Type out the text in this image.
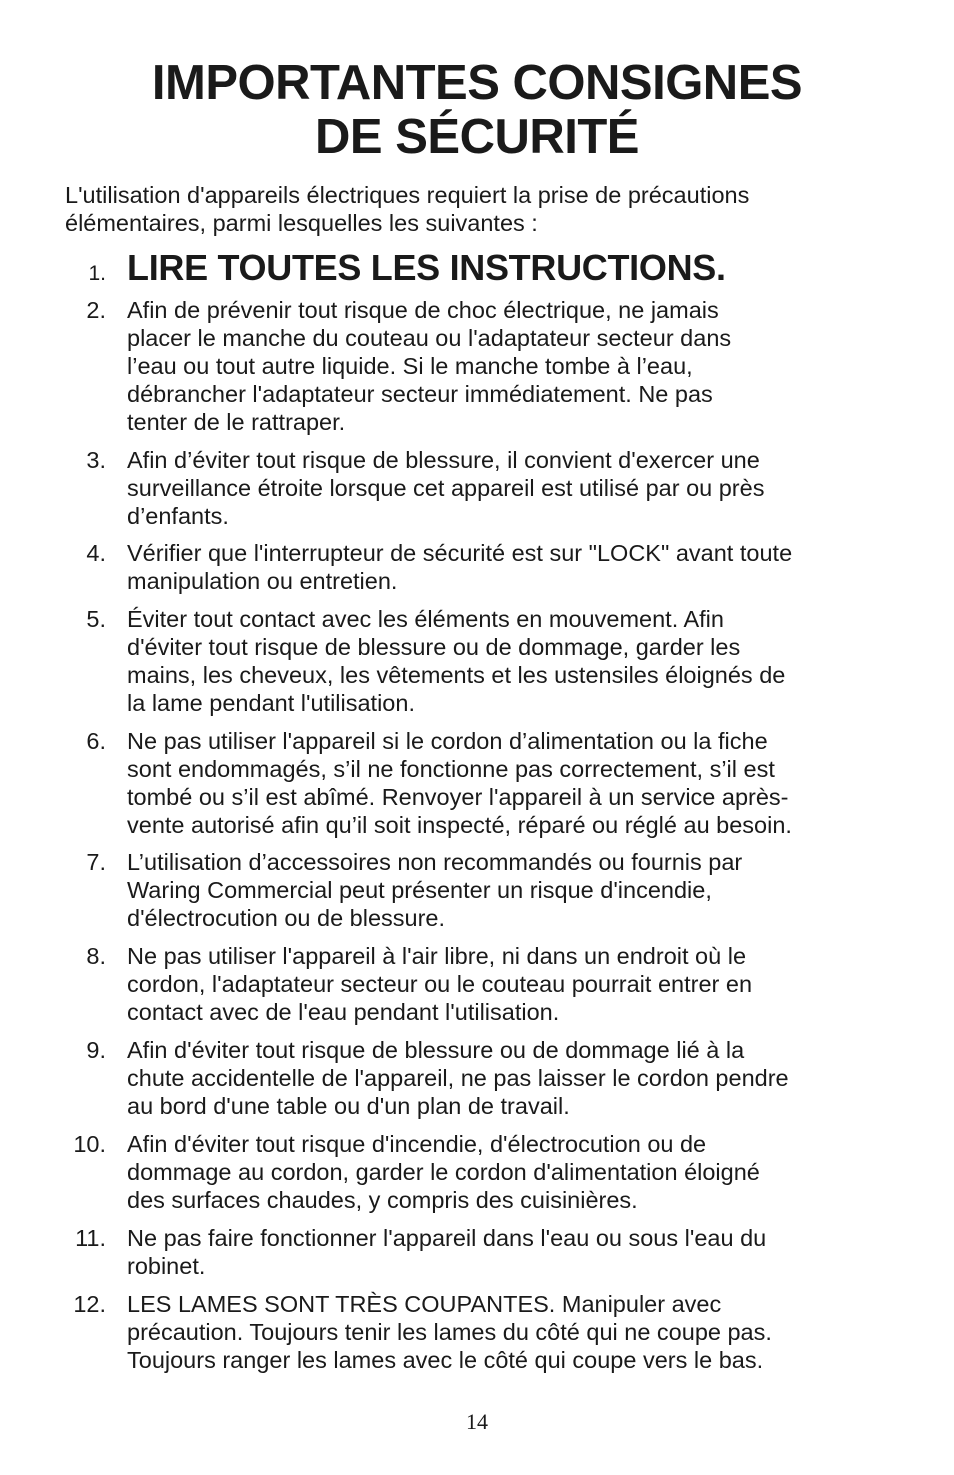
IMPORTANTES CONSIGNES
DE SÉCURITÉ

L'utilisation d'appareils électriques requiert la prise de précautions
élémentaires, parmi lesquelles les suivantes :

1. LIRE TOUTES LES INSTRUCTIONS.
2. Afin de prévenir tout risque de choc électrique, ne jamais
placer le manche du couteau ou l'adaptateur secteur dans
l’eau ou tout autre liquide. Si le manche tombe à l’eau,
débrancher l'adaptateur secteur immédiatement. Ne pas
tenter de le rattraper.
3. Afin d’éviter tout risque de blessure, il convient d'exercer une
surveillance étroite lorsque cet appareil est utilisé par ou près
d’enfants.
4. Vérifier que l'interrupteur de sécurité est sur "LOCK" avant toute
manipulation ou entretien.
5. Éviter tout contact avec les éléments en mouvement. Afin
d'éviter tout risque de blessure ou de dommage, garder les
mains, les cheveux, les vêtements et les ustensiles éloignés de
la lame pendant l'utilisation.
6. Ne pas utiliser l'appareil si le cordon d’alimentation ou la fiche
sont endommagés, s’il ne fonctionne pas correctement, s’il est
tombé ou s’il est abîmé. Renvoyer l'appareil à un service après-
vente autorisé afin qu’il soit inspecté, réparé ou réglé au besoin.
7. L’utilisation d’accessoires non recommandés ou fournis par
Waring Commercial peut présenter un risque d'incendie,
d'électrocution ou de blessure.
8. Ne pas utiliser l'appareil à l'air libre, ni dans un endroit où le
cordon, l'adaptateur secteur ou le couteau pourrait entrer en
contact avec de l'eau pendant l'utilisation.
9. Afin d'éviter tout risque de blessure ou de dommage lié à la
chute accidentelle de l'appareil, ne pas laisser le cordon pendre
au bord d'une table ou d'un plan de travail.
10. Afin d'éviter tout risque d'incendie, d'électrocution ou de
dommage au cordon, garder le cordon d'alimentation éloigné
des surfaces chaudes, y compris des cuisinières.
11. Ne pas faire fonctionner l'appareil dans l'eau ou sous l'eau du
robinet.
12. LES LAMES SONT TRÈS COUPANTES. Manipuler avec
précaution. Toujours tenir les lames du côté qui ne coupe pas.
Toujours ranger les lames avec le côté qui coupe vers le bas.
14
